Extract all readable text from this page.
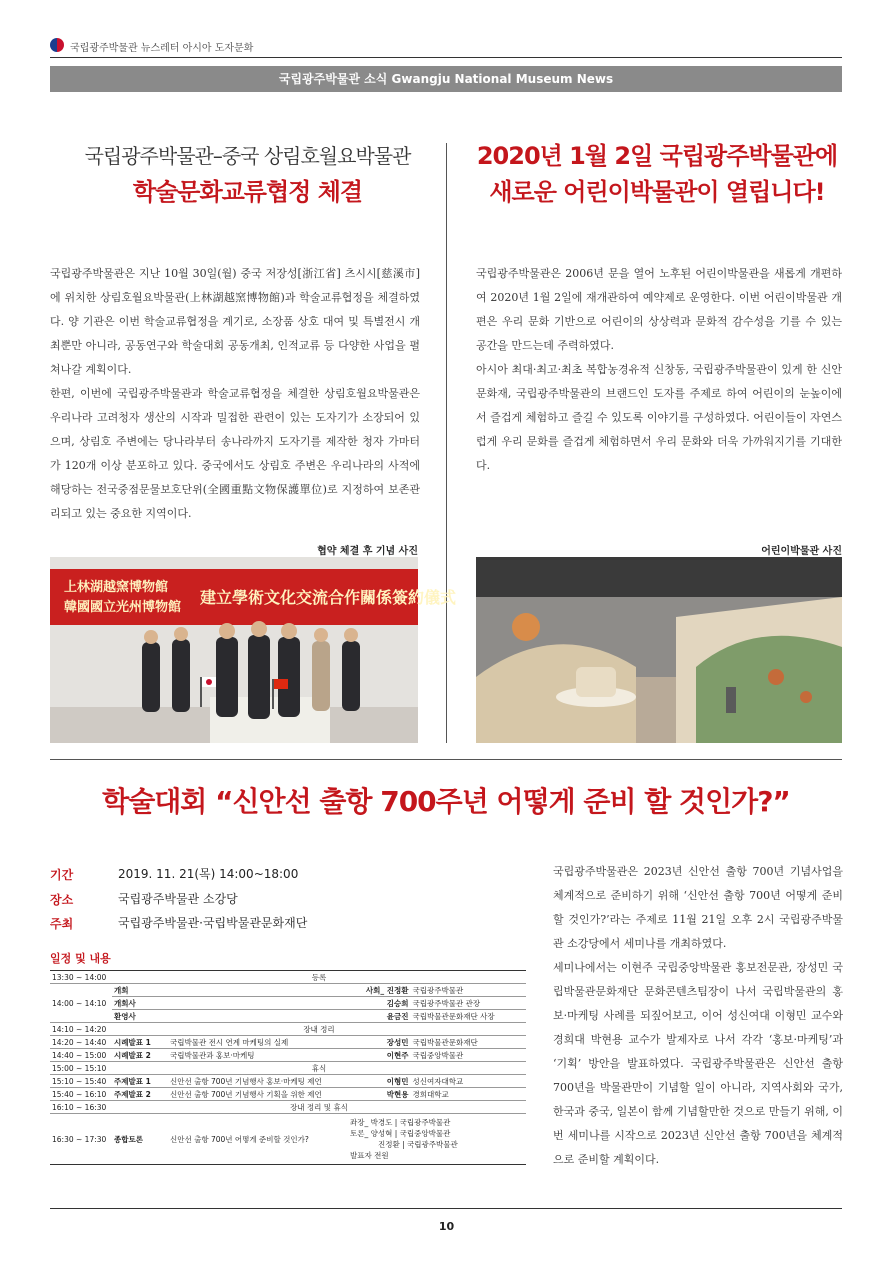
국립광주박물관 뉴스레터 아시아 도자문화
국립광주박물관 소식 Gwangju National Museum News
국립광주박물관–중국 상림호월요박물관
학술문화교류협정 체결
2020년 1월 2일 국립광주박물관에
새로운 어린이박물관이 열립니다!

국립광주박물관은 지난 10월 30일(월) 중국 저장성[浙江省] 츠시시[慈溪市]에 위치한 상림호월요박물관(上林湖越窯博物館)과 학술교류협정을 체결하였다. 양 기관은 이번 학술교류협정을 계기로, 소장품 상호 대여 및 특별전시 개최뿐만 아니라, 공동연구와 학술대회 공동개최, 인적교류 등 다양한 사업을 펼쳐나갈 계획이다.

한편, 이번에 국립광주박물관과 학술교류협정을 체결한 상림호월요박물관은 우리나라 고려청자 생산의 시작과 밀접한 관련이 있는 도자기가 소장되어 있으며, 상림호 주변에는 당나라부터 송나라까지 도자기를 제작한 청자 가마터가 120개 이상 분포하고 있다. 중국에서도 상림호 주변은 우리나라의 사적에 해당하는 전국중점문물보호단위(全國重點文物保護單位)로 지정하여 보존관리되고 있는 중요한 지역이다.

국립광주박물관은 2006년 문을 열어 노후된 어린이박물관을 새롭게 개편하여 2020년 1월 2일에 재개관하여 예약제로 운영한다. 이번 어린이박물관 개편은 우리 문화 기반으로 어린이의 상상력과 문화적 감수성을 기를 수 있는 공간을 만드는데 주력하였다.

아시아 최대·최고·최초 복합농경유적 신창동, 국립광주박물관이 있게 한 신안 문화재, 국립광주박물관의 브랜드인 도자를 주제로 하여 어린이의 눈높이에서 즐겁게 체험하고 즐길 수 있도록 이야기를 구성하였다. 어린이들이 자연스럽게 우리 문화를 즐겁게 체험하면서 우리 문화와 더욱 가까워지기를 기대한다.

협약 체결 후 기념 사진	어린이박물관 사진
上林湖越窯博物館
韓國國立光州博物館
建立學術文化交流合作關係簽約儀式
학술대회 “신안선 출항 700주년 어떻게 준비 할 것인가?”
기간	2019. 11. 21(목) 14:00~18:00
장소	국립광주박물관 소강당
주최	국립광주박물관·국립박물관문화재단
일정 및 내용
13:30 ~ 14:00	등록			
14:00 ~ 14:10	개회		사회_ 진정환	국립광주박물관
	개회사		김승희	국립광주박물관 관장
	환영사		윤금진	국립박물관문화재단 사장
14:10 ~ 14:20	장내 정리			
14:20 ~ 14:40	시례발표 1	국립박물관 전시 연계 마케팅의 실제	장성민	국립박물관문화재단
14:40 ~ 15:00	시례발표 2	국립박물관과 홍보·마케팅	이현주	국립중앙박물관
15:00 ~ 15:10	휴식			
15:10 ~ 15:40	주제발표 1	신안선 출항 700년 기념행사 홍보·마케팅 제언	이형민	성신여자대학교
15:40 ~ 16:10	주제발표 2	신안선 출항 700년 기념행사 기획을 위한 제언	박현용	경희대학교
16:10 ~ 16:30	장내 정리 및 휴식			
16:30 ~ 17:30	종합토론	신안선 출항 700년 어떻게 준비할 것인가?	좌장_ 박경도 | 국립광주박물관
토론_ 양성혁 | 국립중앙박물관
진정환 | 국립광주박물관
발표자 전원	

국립광주박물관은 2023년 신안선 출항 700년 기념사업을 체계적으로 준비하기 위해 ‘신안선 출항 700년 어떻게 준비할 것인가?’라는 주제로 11월 21일 오후 2시 국립광주박물관 소강당에서 세미나를 개최하였다.

세미나에서는 이현주 국립중앙박물관 홍보전문관, 장성민 국립박물관문화재단 문화콘텐츠팀장이 나서 국립박물관의 홍보·마케팅 사례를 되짚어보고, 이어 성신여대 이형민 교수와 경희대 박현용 교수가 발제자로 나서 각각 ‘홍보·마케팅’과 ‘기획’ 방안을 발표하였다. 국립광주박물관은 신안선 출항 700년을 박물관만이 기념할 일이 아니라, 지역사회와 국가, 한국과 중국, 일본이 함께 기념할만한 것으로 만들기 위해, 이번 세미나를 시작으로 2023년 신안선 출항 700년을 체계적으로 준비할 계획이다.

10
